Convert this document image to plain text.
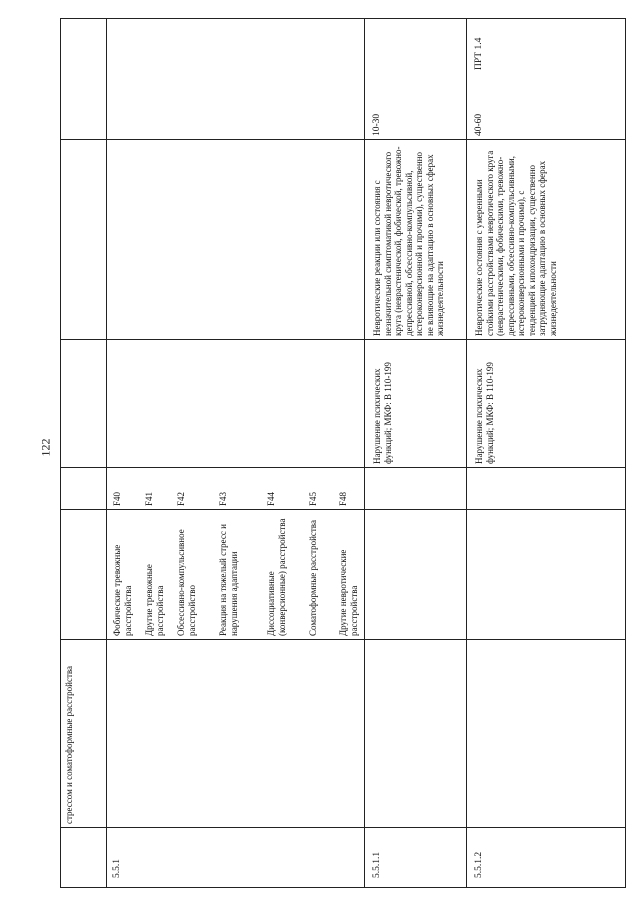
122
5.5.1
стрессом и соматоформные расстройства
Фобические тревожные расстройства
F40
Другие тревожные расстройства
F41
Обсессивно-компульсивное расстройство
F42
Реакция на тяжелый стресс и нарушения адаптации
F43
Диссоциативные (конверсионные) расстройства
F44
Соматоформные расстройства
F45
Другие невротические расстройства
F48
5.5.1.1
Нарушение психических функций; МКФ: В 110-199
Невротические реакции или состояния с незначительной симптоматикой невротического круга (неврастенической, фобической, тревожно-депрессивной, обсессивно-компульсивной, истероконверсионной и прочими), существенно не влияющие на адаптацию в основных сферах жизнедеятельности
10-30
5.5.1.2
Нарушение психических функций; МКФ: В 110-199
Невротические состояния с умеренными стойкими расстройствами невротического круга (неврастеническими, фобическими, тревожно-депрессивными, обсессивно-компульсивными, истероконверсионными и прочими), с тенденцией к ипохондризации, существенно затрудняющие адаптацию в основных сферах жизнедеятельности
40-60
ПРТ 1.4
